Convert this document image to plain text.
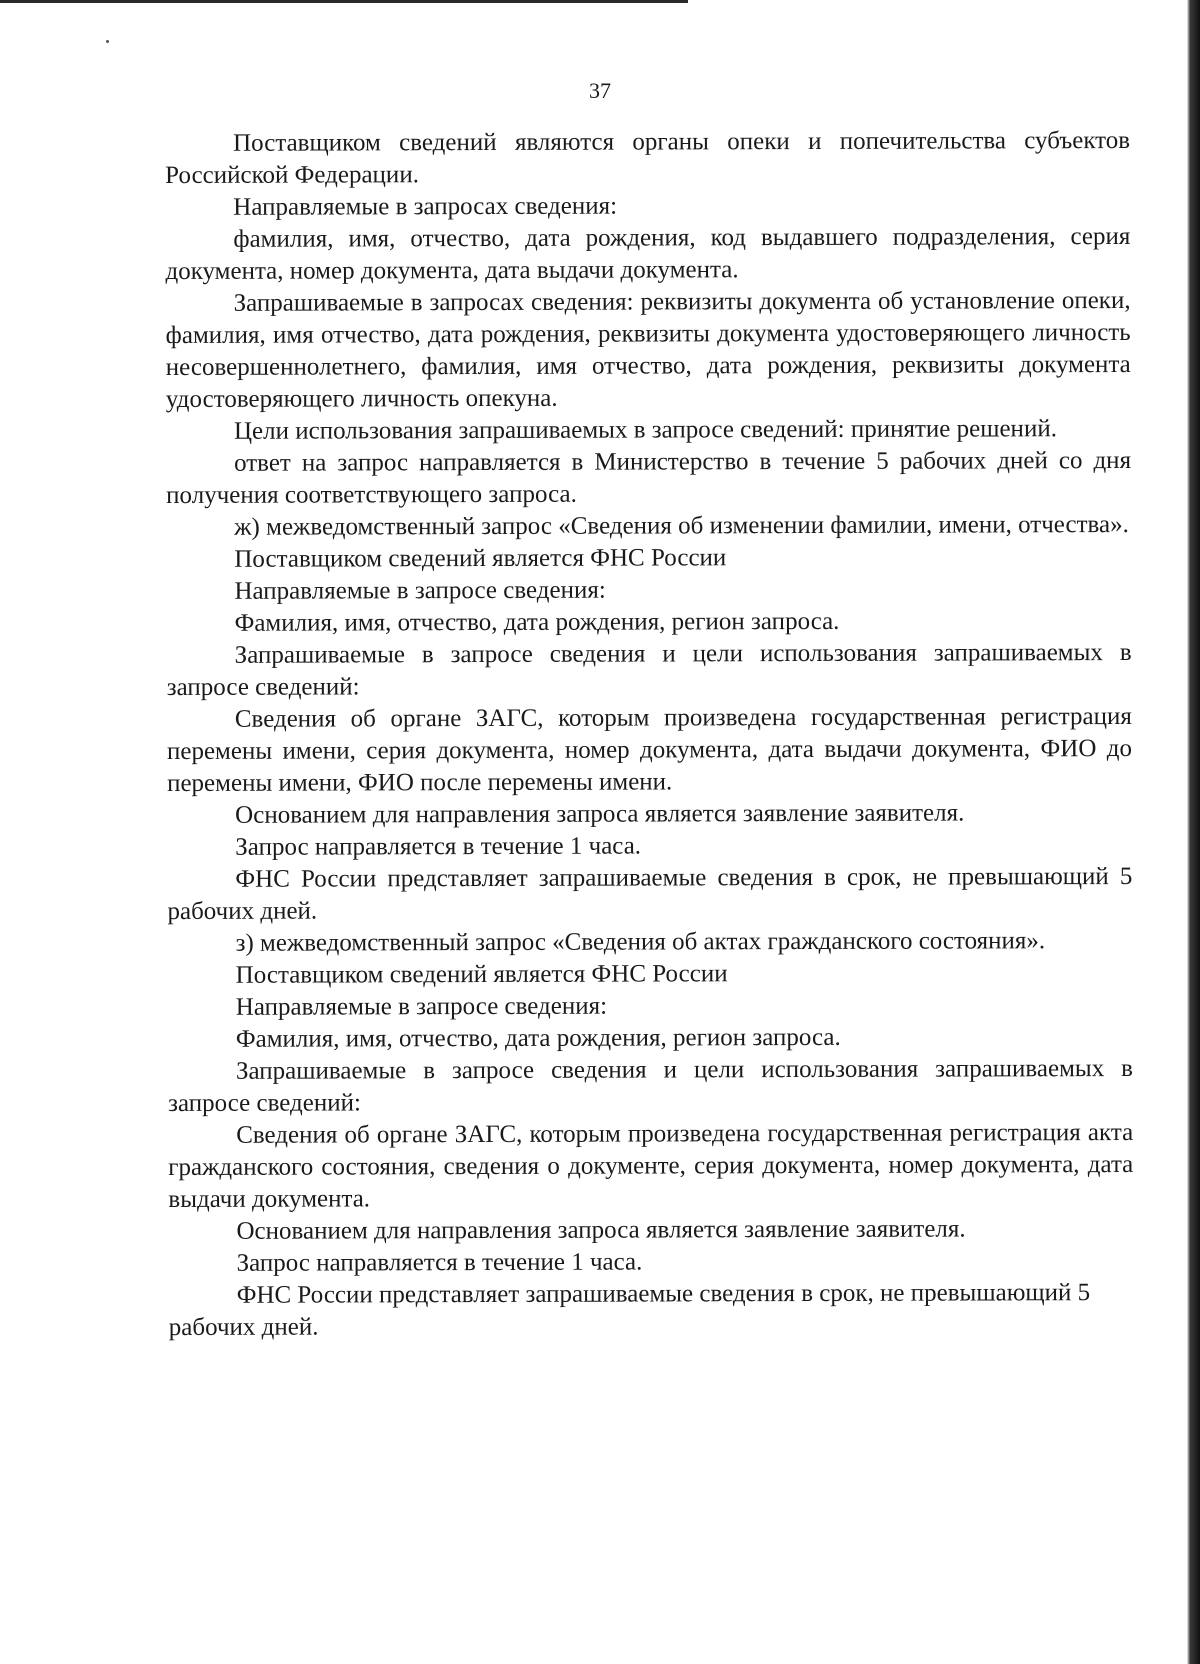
37

Поставщиком сведений являются органы опеки и попечительства субъектов Российской Федерации.

Направляемые в запросах сведения:

фамилия, имя, отчество, дата рождения, код выдавшего подразделения, серия документа, номер документа, дата выдачи документа.

Запрашиваемые в запросах сведения: реквизиты документа об установление опеки, фамилия, имя отчество, дата рождения, реквизиты документа удостоверяющего личность несовершеннолетнего, фамилия, имя отчество, дата рождения, реквизиты документа удостоверяющего личность опекуна.

Цели использования запрашиваемых в запросе сведений: принятие решений.

ответ на запрос направляется в Министерство в течение 5 рабочих дней со дня получения соответствующего запроса.

ж) межведомственный запрос «Сведения об изменении фамилии, имени, отчества».

Поставщиком сведений является ФНС России

Направляемые в запросе сведения:

Фамилия, имя, отчество, дата рождения, регион запроса.

Запрашиваемые в запросе сведения и цели использования запрашиваемых в запросе сведений:

Сведения об органе ЗАГС, которым произведена государственная регистрация перемены имени, серия документа, номер документа, дата выдачи документа, ФИО до перемены имени, ФИО после перемены имени.

Основанием для направления запроса является заявление заявителя.

Запрос направляется в течение 1 часа.

ФНС России представляет запрашиваемые сведения в срок, не превышающий 5 рабочих дней.

з) межведомственный запрос «Сведения об актах гражданского состояния».

Поставщиком сведений является ФНС России

Направляемые в запросе сведения:

Фамилия, имя, отчество, дата рождения, регион запроса.

Запрашиваемые в запросе сведения и цели использования запрашиваемых в запросе сведений:

Сведения об органе ЗАГС, которым произведена государственная регистрация акта гражданского состояния, сведения о документе, серия документа, номер документа, дата выдачи документа.

Основанием для направления запроса является заявление заявителя.

Запрос направляется в течение 1 часа.

ФНС России представляет запрашиваемые сведения в срок, не превышающий 5 рабочих дней.
